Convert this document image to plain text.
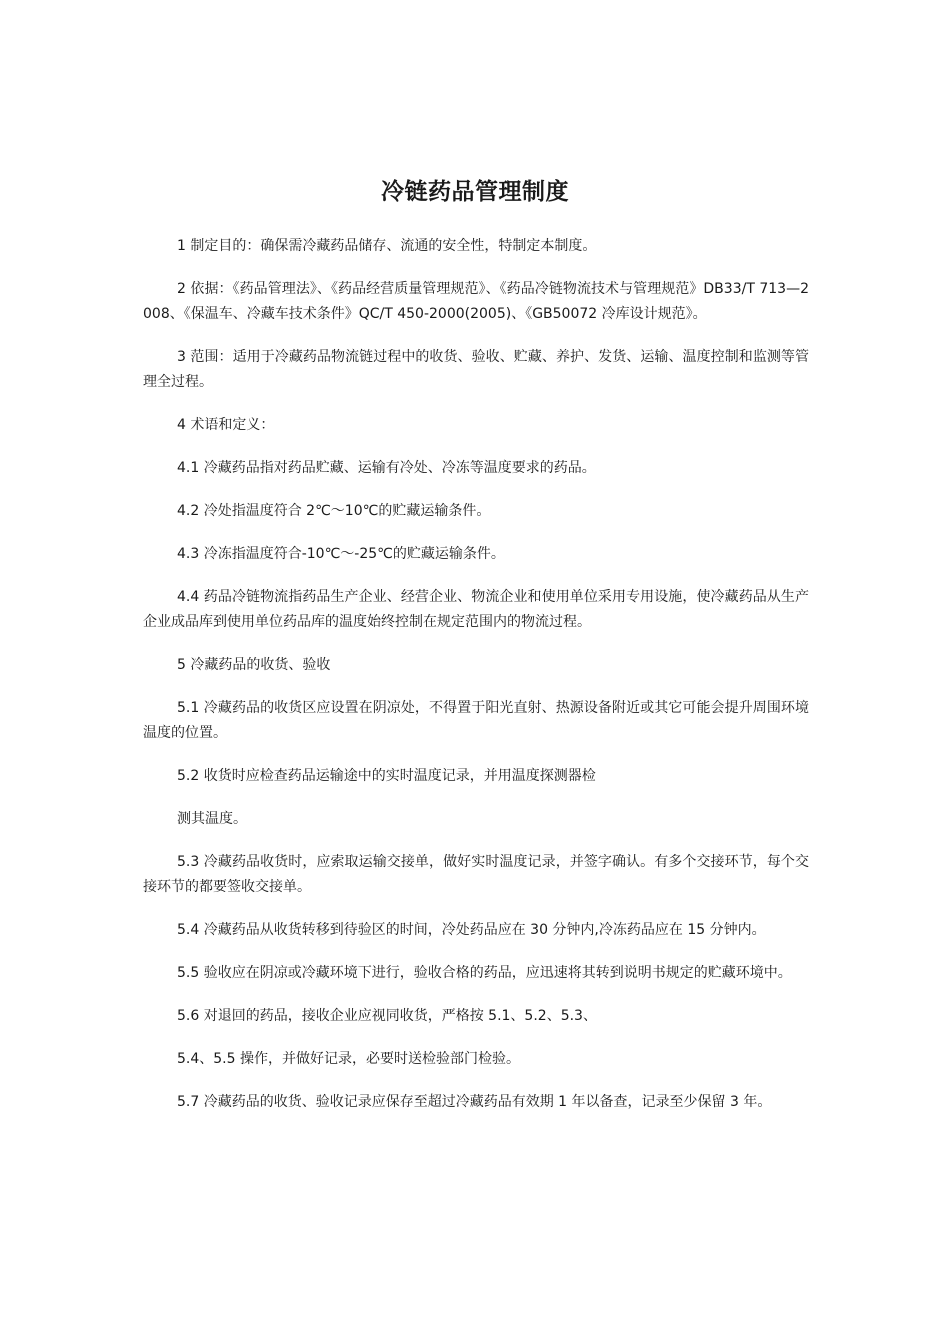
冷链药品管理制度

1 制定目的：确保需冷藏药品储存、流通的安全性，特制定本制度。

2 依据：《药品管理法》、《药品经营质量管理规范》、《药品冷链物流技术与管理规范》DB33/T 713—2008、《保温车、冷藏车技术条件》QC/T 450-2000(2005)、《GB50072 冷库设计规范》。

3 范围：适用于冷藏药品物流链过程中的收货、验收、贮藏、养护、发货、运输、温度控制和监测等管理全过程。

4 术语和定义：

4.1 冷藏药品指对药品贮藏、运输有冷处、冷冻等温度要求的药品。

4.2 冷处指温度符合 2℃～10℃的贮藏运输条件。

4.3 冷冻指温度符合-10℃～-25℃的贮藏运输条件。

4.4 药品冷链物流指药品生产企业、经营企业、物流企业和使用单位采用专用设施，使冷藏药品从生产企业成品库到使用单位药品库的温度始终控制在规定范围内的物流过程。

5 冷藏药品的收货、验收

5.1 冷藏药品的收货区应设置在阴凉处，不得置于阳光直射、热源设备附近或其它可能会提升周围环境温度的位置。

5.2 收货时应检查药品运输途中的实时温度记录，并用温度探测器检

测其温度。

5.3 冷藏药品收货时，应索取运输交接单，做好实时温度记录，并签字确认。有多个交接环节，每个交接环节的都要签收交接单。

5.4 冷藏药品从收货转移到待验区的时间，冷处药品应在 30 分钟内,冷冻药品应在 15 分钟内。

5.5 验收应在阴凉或冷藏环境下进行，验收合格的药品，应迅速将其转到说明书规定的贮藏环境中。

5.6 对退回的药品，接收企业应视同收货，严格按 5.1、5.2、5.3、

5.4、5.5 操作，并做好记录，必要时送检验部门检验。

5.7 冷藏药品的收货、验收记录应保存至超过冷藏药品有效期 1 年以备查，记录至少保留 3 年。
